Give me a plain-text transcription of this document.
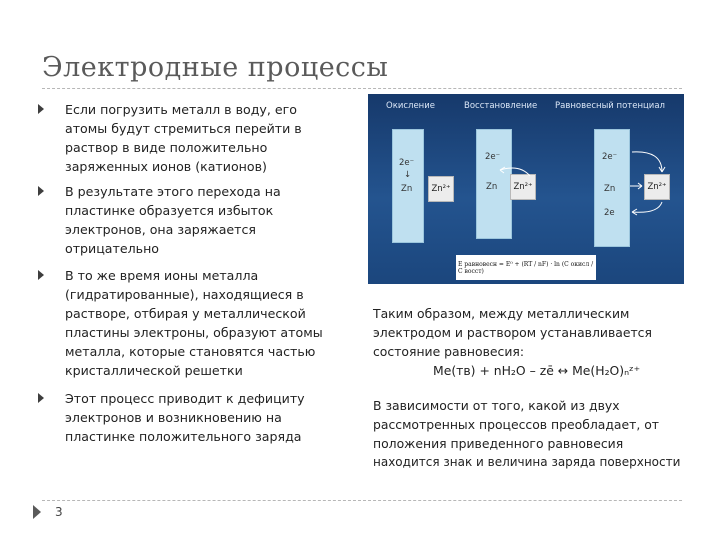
Электродные процессы
Если погрузить металл в воду, его атомы будут стремиться перейти в раствор в виде положительно заряженных ионов (катионов)
В результате этого перехода на пластинке образуется избыток электронов, она заряжается отрицательно
В то же время ионы металла (гидратированные), находящиеся в растворе, отбирая у металлической пластины электроны, образуют атомы металла, которые становятся частью кристаллической решетки
Этот процесс приводит к дефициту электронов и возникновению на пластинке положительного заряда
Окисление	Восстановление Равновесный потенциал
2e⁻
↓
Zn	Zn²⁺
2e⁻
Zn	Zn²⁺
2e⁻
Zn
2e
Zn²⁺
E равновесн = E⁰ + (RT / nF) · ln (C окисл / C восст)
Таким образом, между металлическим
электродом и раствором устанавливается
состояние равновесия:
Me(тв) + nH₂O – zē ↔ Me(H₂O)ₙᶻ⁺
В зависимости от того, какой из двух
рассмотренных процессов преобладает, от
положения приведенного равновесия
находится знак и величина заряда поверхности
3
